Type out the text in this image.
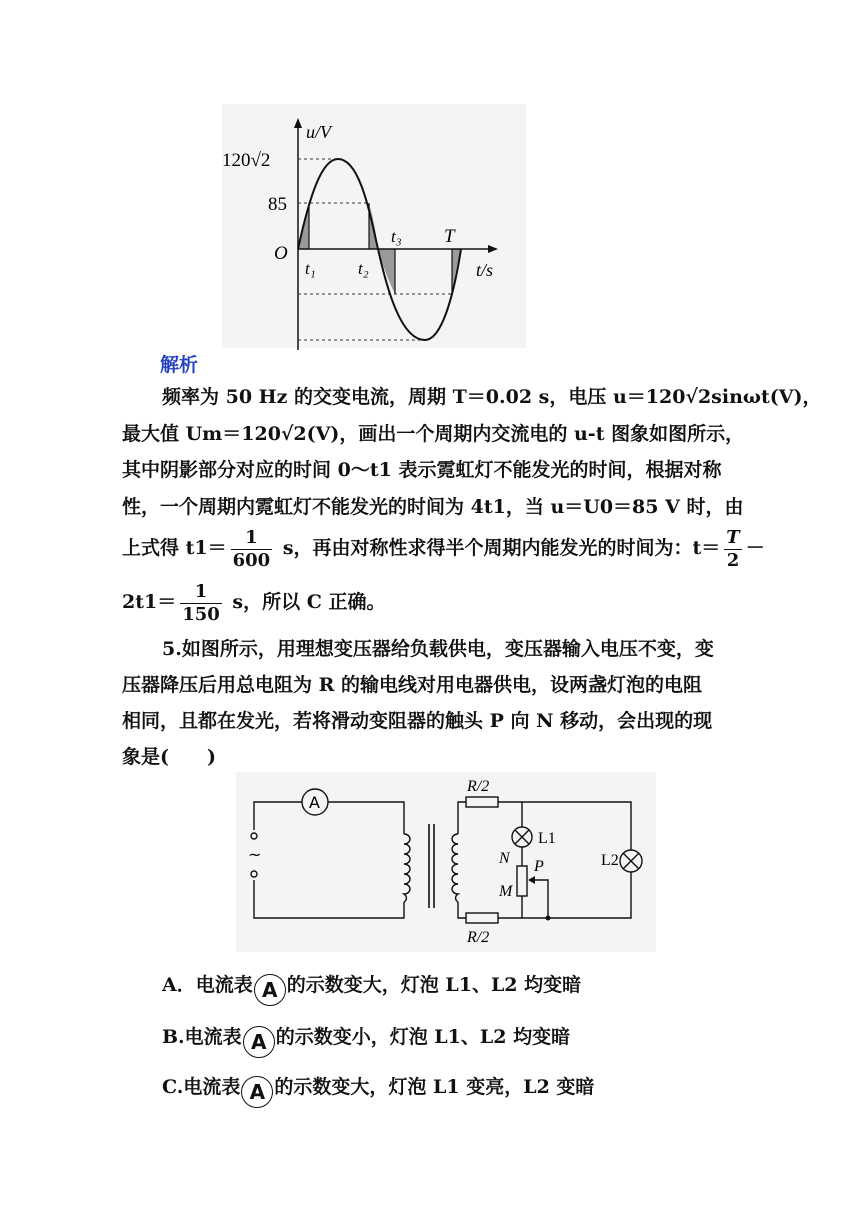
u/V
t/s
120√2
85
O
t₁ t₂
t₃ T
解析
频率为 50 Hz 的交变电流，周期 T＝0.02 s，电压 u＝120√2sinωt(V)，
最大值 Um＝120√2(V)，画出一个周期内交流电的 u-t 图象如图所示，
其中阴影部分对应的时间 0～t1 表示霓虹灯不能发光的时间，根据对称
性，一个周期内霓虹灯不能发光的时间为 4t1，当 u＝U0＝85 V 时，由
上式得 $t1= \frac{1}{600}$ s，再由对称性求得半个周期内能发光的时间为：$t= \frac{T}{2}$ －
$2t1= \frac{1}{150}$ s，所以 C 正确。
5.如图所示，用理想变压器给负载供电，变压器输入电压不变，变
压器降压后用总电阻为 R 的输电线对用电器供电，设两盏灯泡的电阻
相同，且都在发光，若将滑动变阻器的触头 P 向 N 移动，会出现的现
象是(　　)
A
~
R/2
R/2
L1
L2
N P
M
A．电流表 A 的示数变大，灯泡 L1、L2 均变暗
B.电流表 A 的示数变小，灯泡 L1、L2 均变暗
C.电流表 A 的示数变大，灯泡 L1 变亮，L2 变暗
